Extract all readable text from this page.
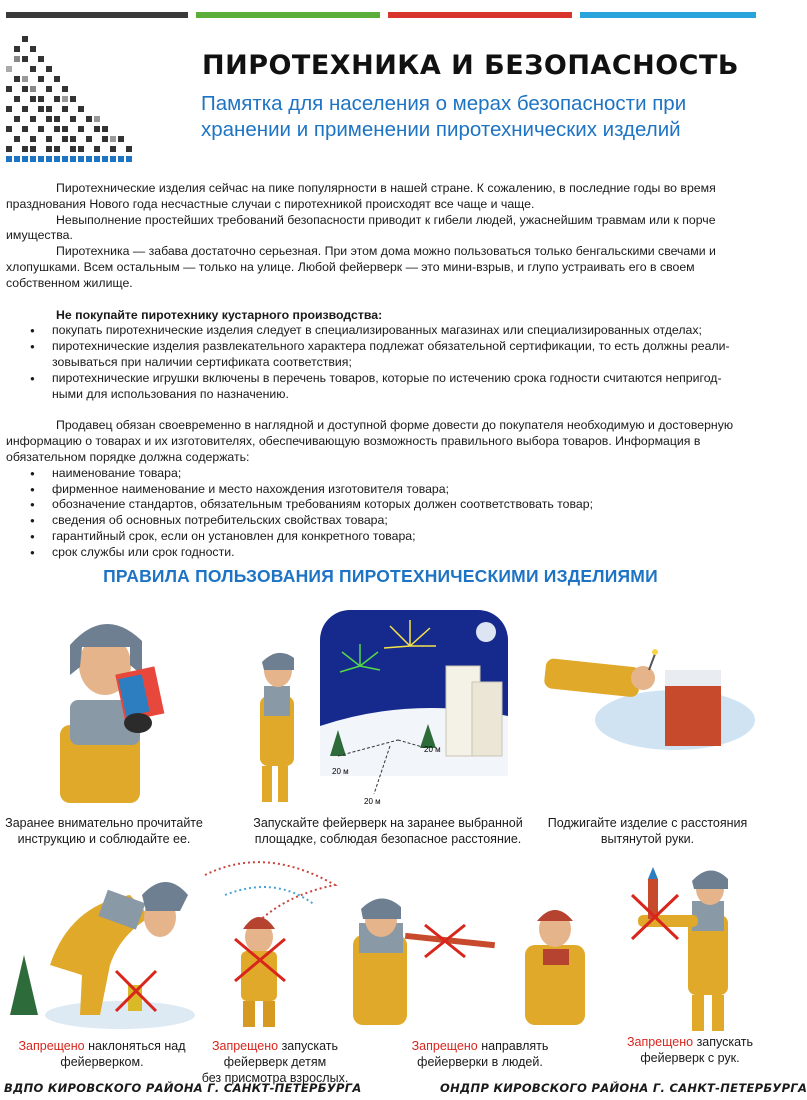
ПИРОТЕХНИКА И БЕЗОПАСНОСТЬ
Памятка для населения о мерах безопасности при хранении и применении пиротехнических изделий

Пиротехнические изделия сейчас на пике популярности в нашей стране. К сожалению, в последние годы во время празднования Нового года несчастные случаи с пиротехникой происходят все чаще и чаще.

Невыполнение простейших требований безопасности приводит к гибели людей, ужаснейшим травмам или к порче имущества.

Пиротехника — забава достаточно серьезная. При этом дома можно пользоваться только бенгальскими свечами и хлопушками. Всем остальным — только на улице. Любой фейерверк — это мини-взрыв, и глупо устраивать его в своем собственном жилище.

Не покупайте пиротехнику кустарного производства:

● покупать пиротехнические изделия следует в специализированных магазинах или специализированных отделах;
● пиротехнические изделия развлекательного характера подлежат обязательной сертификации, то есть должны реали-зовываться при наличии сертификата соответствия;
● пиротехнические игрушки включены в перечень товаров, которые по истечению срока годности считаются непригод-ными для использования по назначению.

Продавец обязан своевременно в наглядной и доступной форме довести до покупателя необходимую и достоверную информацию о товарах и их изготовителях, обеспечивающую возможность правильного выбора товаров. Информация в обязательном порядке должна содержать:

● наименование товара;
● фирменное наименование и место нахождения изготовителя товара;
● обозначение стандартов, обязательным требованиям которых должен соответствовать товар;
● сведения об основных потребительских свойствах товара;
● гарантийный срок, если он установлен для конкретного товара;
● срок службы или срок годности.
ПРАВИЛА ПОЛЬЗОВАНИЯ ПИРОТЕХНИЧЕСКИМИ ИЗДЕЛИЯМИ
20 м
20 м
20 м
Заранее внимательно прочитайте инструкцию и соблюдайте ее.
Запускайте фейерверк на заранее выбранной площадке, соблюдая безопасное расстояние.
Поджигайте изделие с расстояния вытянутой руки.
Запрещено наклоняться над фейерверком.
Запрещено запускать фейерверк детям
без присмотра взрослых.
Запрещено направлять фейерверки в людей.
Запрещено запускать фейерверк с рук.
ВДПО КИРОВСКОГО РАЙОНА Г. САНКТ-ПЕТЕРБУРГА	ОНДПР КИРОВСКОГО РАЙОНА Г. САНКТ-ПЕТЕРБУРГА
